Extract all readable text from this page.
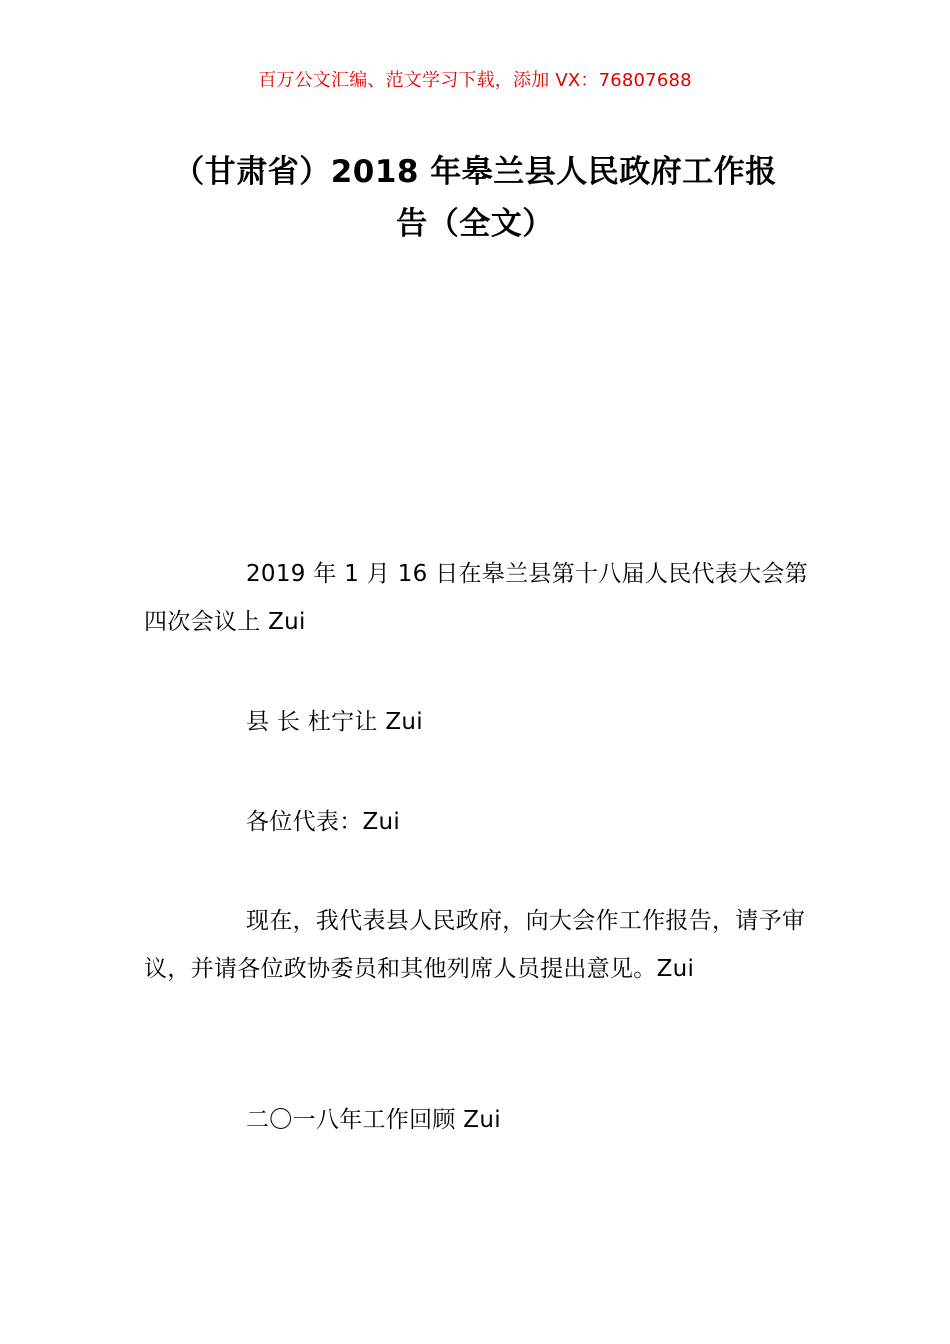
百万公文汇编、范文学习下载，添加 VX：76807688
（甘肃省）2018 年皋兰县人民政府工作报
告（全文）

2019 年 1 月 16 日在皋兰县第十八届人民代表大会第四次会议上 Zui

县 长 杜宁让 Zui

各位代表：Zui

现在，我代表县人民政府，向大会作工作报告，请予审议，并请各位政协委员和其他列席人员提出意见。Zui

二〇一八年工作回顾 Zui
